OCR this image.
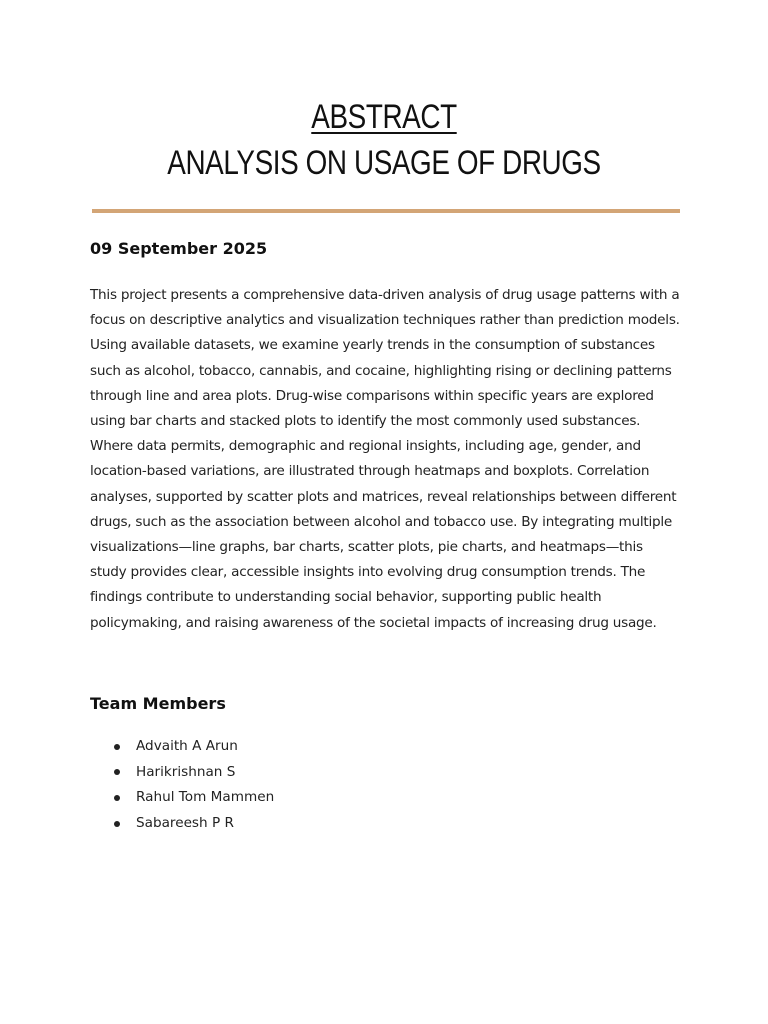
ABSTRACT
ANALYSIS ON USAGE OF DRUGS
09 September 2025

This project presents a comprehensive data-driven analysis of drug usage patterns with a focus on descriptive analytics and visualization techniques rather than prediction models. Using available datasets, we examine yearly trends in the consumption of substances such as alcohol, tobacco, cannabis, and cocaine, highlighting rising or declining patterns through line and area plots. Drug-wise comparisons within specific years are explored using bar charts and stacked plots to identify the most commonly used substances. Where data permits, demographic and regional insights, including age, gender, and location-based variations, are illustrated through heatmaps and boxplots. Correlation analyses, supported by scatter plots and matrices, reveal relationships between different drugs, such as the association between alcohol and tobacco use. By integrating multiple visualizations—line graphs, bar charts, scatter plots, pie charts, and heatmaps—this study provides clear, accessible insights into evolving drug consumption trends. The findings contribute to understanding social behavior, supporting public health policymaking, and raising awareness of the societal impacts of increasing drug usage.

Team Members
Advaith A Arun
Harikrishnan S
Rahul Tom Mammen
Sabareesh P R
